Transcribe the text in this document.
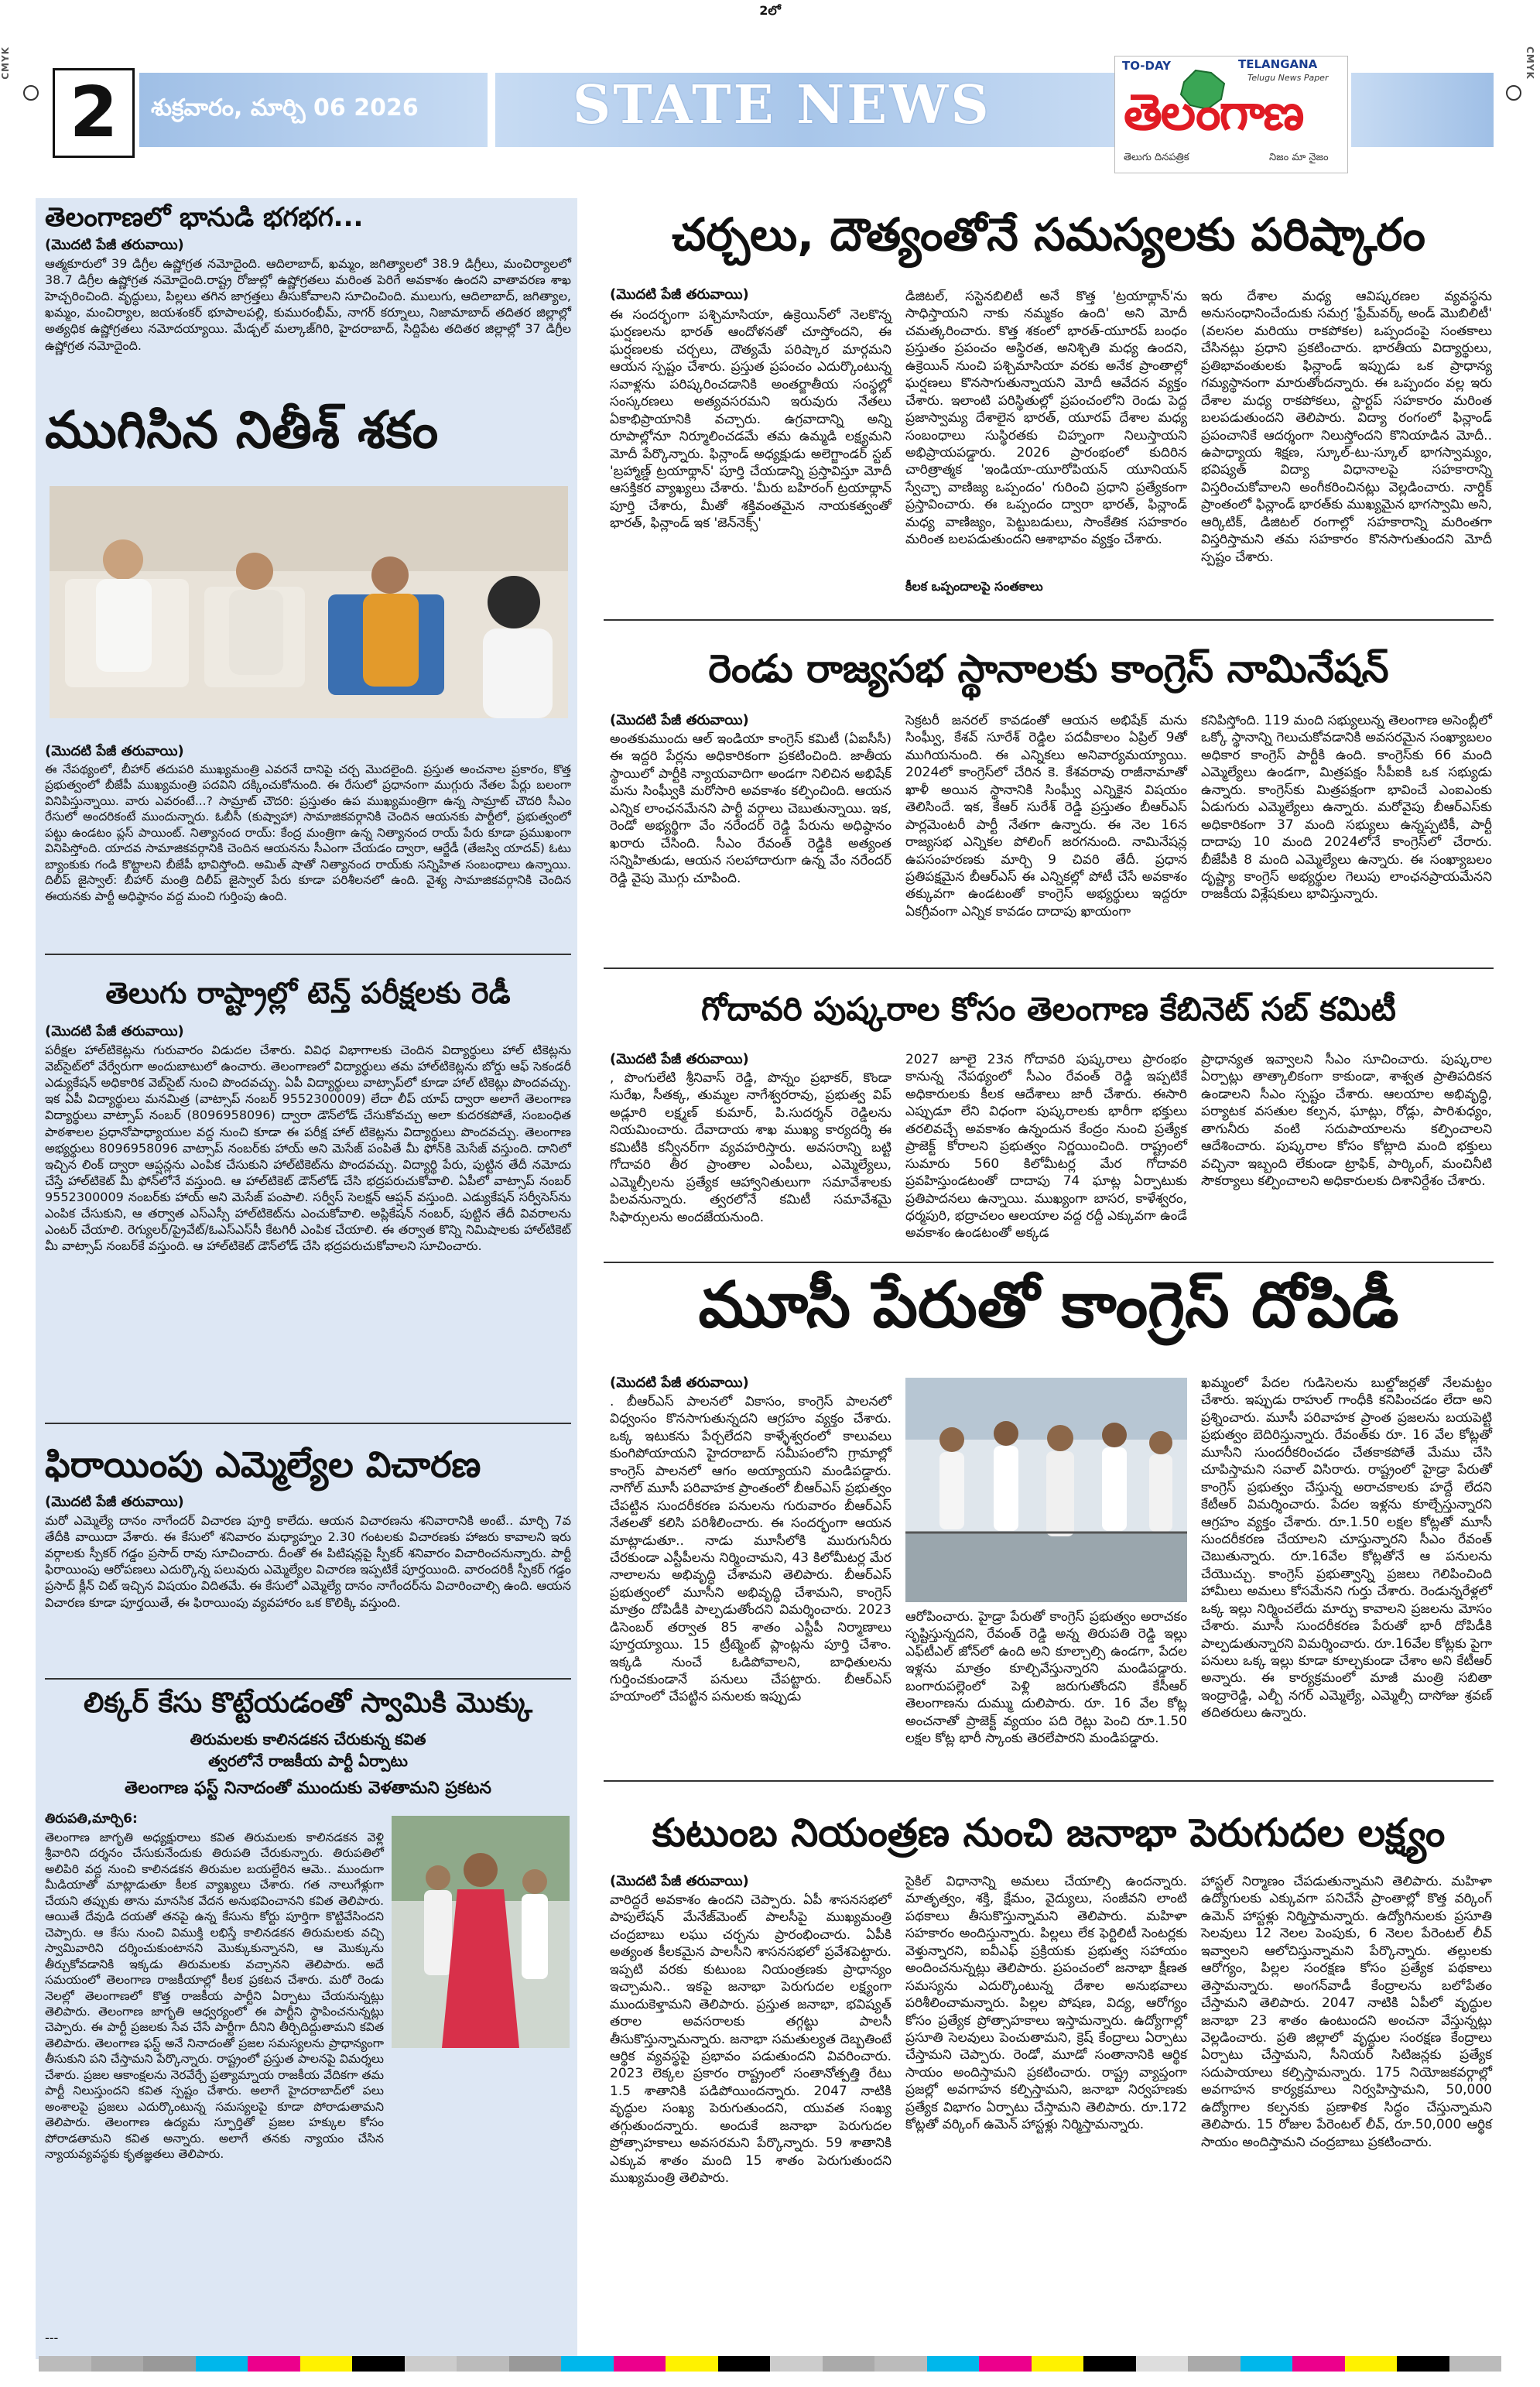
2లో
CMYK	CMYK
2	శుక్రవారం, మార్చి 06 2026	STATE NEWS
TO-DAY	TELANGANA
Telugu News Paper
తెలంగాణ
తెలుగు దినపత్రిక	నిజం మా నైజం
తెలంగాణలో భానుడి భగభగ...
(మొదటి పేజీ తరువాయి)
ఆత్మకూరులో 39 డిగ్రీల ఉష్ణోగ్రత నమోదైంది. ఆదిలాబాద్, ఖమ్మం, జగిత్యాలలో 38.9 డిగ్రీలు, మంచిర్యాలలో 38.7 డిగ్రీల ఉష్ణోగ్రత నమోదైంది.రాష్ట్ర రోజుల్లో ఉష్ణోగ్రతలు మరింత పెరిగే అవకాశం ఉందని వాతావరణ శాఖ హెచ్చరించింది. వృద్ధులు, పిల్లలు తగిన జాగ్రత్తలు తీసుకోవాలని సూచించింది. ములుగు, ఆదిలాబాద్, జగిత్యాల, ఖమ్మం, మంచిర్యాల, జయశంకర్ భూపాలపల్లి, కుమురంభీమ్, నాగర్ కర్నూలు, నిజామాబాద్ తదితర జిల్లాల్లో అత్యధిక ఉష్ణోగ్రతలు నమోదయ్యాయి. మేడ్చల్ మల్కాజ్‌గిరి, హైదరాబాద్, సిద్దిపేట తదితర జిల్లాల్లో 37 డిగ్రీల ఉష్ణోగ్రత నమోదైంది.
ముగిసిన నితీశ్ శకం
(మొదటి పేజీ తరువాయి)
ఈ నేపథ్యంలో, బీహార్ తదుపరి ముఖ్యమంత్రి ఎవరనే దానిపై చర్చ మొదలైంది. ప్రస్తుత అంచనాల ప్రకారం, కొత్త ప్రభుత్వంలో బీజేపీ ముఖ్యమంత్రి పదవిని దక్కించుకోనుంది. ఈ రేసులో ప్రధానంగా ముగ్గురు నేతల పేర్లు బలంగా వినిపిస్తున్నాయి. వారు ఎవరంటే...? సామ్రాట్ చౌదరి: ప్రస్తుతం ఉప ముఖ్యమంత్రిగా ఉన్న సామ్రాట్ చౌదరి సీఎం రేసులో అందరికంటే ముందున్నారు. ఓబీసీ (కుష్వాహా) సామాజికవర్గానికి చెందిన ఆయనకు పార్టీలో, ప్రభుత్వంలో పట్టు ఉండటం ప్లస్ పాయింట్. నిత్యానంద రాయ్: కేంద్ర మంత్రిగా ఉన్న నిత్యానంద రాయ్ పేరు కూడా ప్రముఖంగా వినిపిస్తోంది. యాదవ సామాజికవర్గానికి చెందిన ఆయనను సీఎంగా చేయడం ద్వారా, ఆర్జేడీ (తేజస్వి యాదవ్) ఓటు బ్యాంకుకు గండి కొట్టాలని బీజేపీ భావిస్తోంది. అమిత్ షాతో నిత్యానంద రాయ్‌కు సన్నిహిత సంబంధాలు ఉన్నాయి. దిలీప్ జైస్వాల్: బీహార్ మంత్రి దిలీప్ జైస్వాల్ పేరు కూడా పరిశీలనలో ఉంది. వైశ్య సామాజికవర్గానికి చెందిన ఈయనకు పార్టీ అధిష్ఠానం వద్ద మంచి గుర్తింపు ఉంది.
తెలుగు రాష్ట్రాల్లో టెన్త్ పరీక్షలకు రెడీ
(మొదటి పేజీ తరువాయి)
పరీక్షల హాల్‌టికెట్లను గురువారం విడుదల చేశారు. వివిధ విభాగాలకు చెందిన విద్యార్థులు హాల్ టికెట్లను వెబ్‌సైట్‌లో వేర్వేరుగా అందుబాటులో ఉంచారు. తెలంగాణలో విద్యార్థులు తమ హాల్‌టికెట్లను బోర్డు ఆఫ్ సెకండరీ ఎడ్యుకేషన్ అధికారిక వెబ్‌సైట్ నుంచి పొందవచ్చు. ఏపీ విద్యార్థులు వాట్సాప్‌లో కూడా హాల్ టికెట్లు పొందవచ్చు. ఇక ఏపీ విద్యార్థులు మనమిత్ర (వాట్సాప్ నంబర్ 9552300009) లేదా లీప్ యాప్ ద్వారా అలాగే తెలంగాణ విద్యార్థులు వాట్సాప్ నంబర్ (8096958096) ద్వారా డౌన్‌లోడ్ చేసుకోవచ్చు అలా కుదరకపోతే, సంబంధిత పాఠశాలల ప్రధానోపాధ్యాయుల వద్ద నుంచి కూడా ఈ పరీక్ష హాల్ టికెట్లను విద్యార్థులు పొందవచ్చు. తెలంగాణ అభ్యర్థులు 8096958096 వాట్సాప్ నంబర్‌కు హాయ్ అని మెసేజ్ పంపితే మీ ఫోన్‌కి మెసేజ్ వస్తుంది. దానిలో ఇచ్చిన లింక్ ద్వారా ఆప్షన్లను ఎంపిక చేసుకుని హాల్‌టికెట్‌ను పొందవచ్చు. విద్యార్థి పేరు, పుట్టిన తేదీ నమోదు చేస్తే హాల్‌టికెట్ మీ ఫోన్‌లోనే వస్తుంది. ఆ హాల్‌టికెట్ డౌన్‌లోడ్ చేసి భద్రపరుచుకోవాలి. ఏపీలో వాట్సాప్ నంబర్ 9552300009 నంబర్‌కు హాయ్ అని మెసేజ్ పంపాలి. సర్వీస్ సెలక్షన్ ఆప్షన్ వస్తుంది. ఎడ్యుకేషన్ సర్వీసెస్‌ను ఎంపిక చేసుకుని, ఆ తర్వాత ఎస్ఎస్సీ హాల్‌టికెట్‌ను ఎంచుకోవాలి. అప్లికేషన్ నంబర్, పుట్టిన తేదీ వివరాలను ఎంటర్ చేయాలి. రెగ్యులర్/ప్రైవేట్/ఓఎస్ఎస్‌సీ కేటగిరీ ఎంపిక చేయాలి. ఈ తర్వాత కొన్ని నిమిషాలకు హాల్‌టికెట్ మీ వాట్సాప్ నంబర్‌కే వస్తుంది. ఆ హాల్‌టికెట్ డౌన్‌లోడ్ చేసి భద్రపరుచుకోవాలని సూచించారు.
ఫిరాయింపు ఎమ్మెల్యేల విచారణ
(మొదటి పేజీ తరువాయి)
మరో ఎమ్మెల్యే దానం నాగేందర్ విచారణ పూర్తి కాలేదు. ఆయన విచారణను శనివారానికి అంటే.. మార్చి 7వ తేదీకి వాయిదా వేశారు. ఈ కేసులో శనివారం మధ్యాహ్నం 2.30 గంటలకు విచారణకు హాజరు కావాలని ఇరు వర్గాలకు స్పీకర్ గడ్డం ప్రసాద్ రావు సూచించారు. దీంతో ఈ పిటిషన్లపై స్పీకర్ శనివారం విచారించనున్నారు. పార్టీ ఫిరాయింపు ఆరోపణలు ఎదుర్కొన్న పలువురు ఎమ్మెల్యేల విచారణ ఇప్పటికే పూర్తయింది. వారందరికీ స్పీకర్ గడ్డం ప్రసాద్ క్లీన్ చిట్ ఇచ్చిన విషయం విదితమే. ఈ కేసులో ఎమ్మెల్యే దానం నాగేందర్‌ను విచారించాల్సి ఉంది. ఆయన విచారణ కూడా పూర్తయితే, ఈ ఫిరాయింపు వ్యవహారం ఒక కొలిక్కి వస్తుంది.
లిక్కర్ కేసు కొట్టేయడంతో స్వామికి మొక్కు
తిరుమలకు కాలినడకన చేరుకున్న కవిత
త్వరలోనే రాజకీయ పార్టీ ఏర్పాటు
తెలంగాణ ఫస్ట్ నినాదంతో ముందుకు వెళతామని ప్రకటన
తిరుపతి,మార్చి6:
తెలంగాణ జాగృతి అధ్యక్షురాలు కవిత తిరుమలకు కాలినడకన వెళ్లి శ్రీవారిని దర్శనం చేసుకునేందుకు తిరుపతి చేరుకున్నారు. తిరుపతిలో అలిపిరి వద్ద నుంచి కాలినడకన తిరుమల బయల్దేరిన ఆమె.. ముందుగా మీడియాతో మాట్లాడుతూ కీలక వ్యాఖ్యలు చేశారు. గత నాలుగేళ్లుగా చేయని తప్పుకు తాను మానసిక వేదన అనుభవించానని కవిత తెలిపారు. ఆయితే దేవుడి దయతో తనపై ఉన్న కేసును కోర్టు పూర్తిగా కొట్టివేసిందని చెప్పారు. ఆ కేసు నుంచి విముక్తి లభిస్తే కాలినడకన తిరుమలకు వచ్చి స్వామివారిని దర్శించుకుంటానని మొక్కుకున్నానని, ఆ మొక్కును తీర్చుకోవడానికి ఇక్కడు తిరుమలకు వచ్చానని తెలిపారు. అదే సమయంలో తెలంగాణ రాజకీయాల్లో కీలక ప్రకటన చేశారు. మరో రెండు నెలల్లో తెలంగాణలో కొత్త రాజకీయ పార్టీని ఏర్పాటు చేయనున్నట్లు తెలిపారు. తెలంగాణ జాగృతి ఆధ్వర్యంలో ఈ పార్టీని స్థాపించనున్నట్లు చెప్పారు. ఈ పార్టీ ప్రజలకు సేవ చేసే పార్టీగా దీనిని తీర్చిదిద్దుతామని కవిత తెలిపారు. తెలంగాణ ఫస్ట్ అనే నినాదంతో ప్రజల సమస్యలను ప్రాధాన్యంగా తీసుకుని పని చేస్తామని పేర్కొన్నారు. రాష్ట్రంలో ప్రస్తుత పాలనపై విమర్శలు చేశారు. ప్రజల ఆకాంక్షలను నెరవేర్చే ప్రత్యామ్నాయ రాజకీయ వేదికగా తమ పార్టీ నిలుస్తుందని కవిత స్పష్టం చేశారు. అలాగే హైదరాబాద్‌లో పలు అంశాలపై ప్రజలు ఎదుర్కొంటున్న సమస్యలపై కూడా పోరాడుతామని తెలిపారు. తెలంగాణ ఉద్యమ స్ఫూర్తితో ప్రజల హక్కుల కోసం పోరాడతామని కవిత అన్నారు. అలాగే తనకు న్యాయం చేసిన న్యాయవ్యవస్థకు కృతజ్ఞతలు తెలిపారు.
---
చర్చలు, దౌత్యంతోనే సమస్యలకు పరిష్కారం
(మొదటి పేజీ తరువాయి)
ఈ సందర్భంగా పశ్చిమాసియా, ఉక్రెయిన్‌లో నెలకొన్న ఘర్షణలను భారత్ ఆందోళనతో చూస్తోందని, ఈ ఘర్షణలకు చర్చలు, దౌత్యమే పరిష్కార మార్గమని ఆయన స్పష్టం చేశారు. ప్రస్తుత ప్రపంచం ఎదుర్కొంటున్న సవాళ్లను పరిష్కరించడానికి అంతర్జాతీయ సంస్థల్లో సంస్కరణలు అత్యవసరమని ఇరువురు నేతలు ఏకాభిప్రాయానికి వచ్చారు. ఉగ్రవాదాన్ని అన్ని రూపాల్లోనూ నిర్మూలించడమే తమ ఉమ్మడి లక్ష్యమని మోదీ పేర్కొన్నారు. ఫిన్లాండ్ అధ్యక్షుడు అలెగ్జాండర్ స్టబ్ 'బ్రహ్మాణ్డ్ ట్రయాథ్లాన్' పూర్తి చేయడాన్ని ప్రస్తావిస్తూ మోదీ ఆసక్తికర వ్యాఖ్యలు చేశారు. 'మీరు బహిరంగ్ ట్రయాథ్లాన్ పూర్తి చేశారు, మీతో శక్తివంతమైన నాయకత్వంతో భారత్, ఫిన్లాండ్ ఇక 'జెన్‌నెక్స్'
డిజిటల్, సస్టెనబిలిటీ అనే కొత్త 'ట్రయాథ్లాన్'ను సాధిస్తాయని నాకు నమ్మకం ఉంది' అని మోదీ చమత్కరించారు. కొత్త శకంలో భారత్-యూరప్ బంధం ప్రస్తుతం ప్రపంచం అస్థిరత, అనిశ్చితి మధ్య ఉందని, ఉక్రెయిన్ నుంచి పశ్చిమాసియా వరకు అనేక ప్రాంతాల్లో ఘర్షణలు కొనసాగుతున్నాయని మోదీ ఆవేదన వ్యక్తం చేశారు. ఇలాంటి పరిస్థితుల్లో ప్రపంచంలోని రెండు పెద్ద ప్రజాస్వామ్య దేశాలైన భారత్, యూరప్ దేశాల మధ్య సంబంధాలు సుస్థిరతకు చిహ్నంగా నిలుస్తాయని అభిప్రాయపడ్డారు. 2026 ప్రారంభంలో కుదిరిన చారిత్రాత్మక 'ఇండియా-యూరోపియన్ యూనియన్ స్వేచ్ఛా వాణిజ్య ఒప్పందం' గురించి ప్రధాని ప్రత్యేకంగా ప్రస్తావించారు. ఈ ఒప్పందం ద్వారా భారత్, ఫిన్లాండ్ మధ్య వాణిజ్యం, పెట్టుబడులు, సాంకేతిక సహకారం మరింత బలపడుతుందని ఆశాభావం వ్యక్తం చేశారు.
కీలక ఒప్పందాలపై సంతకాలు
ఇరు దేశాల మధ్య ఆవిష్కరణల వ్యవస్థను అనుసంధానించేందుకు సమగ్ర 'ఫ్రేమ్‌వర్క్ అండ్ మొబిలిటీ' (వలసల మరియు రాకపోకల) ఒప్పందంపై సంతకాలు చేసినట్లు ప్రధాని ప్రకటించారు. భారతీయ విద్యార్థులు, ప్రతిభావంతులకు ఫిన్లాండ్ ఇప్పుడు ఒక ప్రాధాన్య గమ్యస్థానంగా మారుతోందన్నారు. ఈ ఒప్పందం వల్ల ఇరు దేశాల మధ్య రాకపోకలు, స్టార్టప్ సహకారం మరింత బలపడుతుందని తెలిపారు. విద్యా రంగంలో ఫిన్లాండ్ ప్రపంచానికే ఆదర్శంగా నిలుస్తోందని కొనియాడిన మోదీ.. ఉపాధ్యాయ శిక్షణ, స్కూల్-టు-స్కూల్ భాగస్వామ్యం, భవిష్యత్ విద్యా విధానాలపై సహకారాన్ని విస్తరించుకోవాలని అంగీకరించినట్లు వెల్లడించారు. నార్డిక్ ప్రాంతంలో ఫిన్లాండ్ భారత్‌కు ముఖ్యమైన భాగస్వామి అని, ఆర్కిటిక్, డిజిటల్ రంగాల్లో సహకారాన్ని మరింతగా విస్తరిస్తామని తమ సహకారం కొనసాగుతుందని మోదీ స్పష్టం చేశారు.
రెండు రాజ్యసభ స్థానాలకు కాంగ్రెస్ నామినేషన్
(మొదటి పేజీ తరువాయి)
అంతకుముందు ఆల్ ఇండియా కాంగ్రెస్ కమిటీ (ఏఐసీసీ) ఈ ఇద్దరి పేర్లను అధికారికంగా ప్రకటించింది. జాతీయ స్థాయిలో పార్టీకి న్యాయవాదిగా అండగా నిలిచిన అభిషేక్ మను సింఘ్వీకి మరోసారి అవకాశం కల్పించింది. ఆయన ఎన్నిక లాంఛనమేనని పార్టీ వర్గాలు చెబుతున్నాయి. ఇక, రెండో అభ్యర్థిగా వేం నరేందర్ రెడ్డి పేరును అధిష్ఠానం ఖరారు చేసింది. సీఎం రేవంత్ రెడ్డికి అత్యంత సన్నిహితుడు, ఆయన సలహాదారుగా ఉన్న వేం నరేందర్ రెడ్డి వైపు మొగ్గు చూపింది.
సెక్రటరీ జనరల్ కావడంతో ఆయన అభిషేక్ మను సింఘ్వీ, కేశవ్ సూరేశ్ రెడ్డిల పదవీకాలం ఏప్రిల్ 9తో ముగియనుంది. ఈ ఎన్నికలు అనివార్యమయ్యాయి. 2024లో కాంగ్రెస్‌లో చేరిన కె. కేశవరావు రాజీనామాతో ఖాళీ అయిన స్థానానికి సింఘ్వీ ఎన్నికైన విషయం తెలిసిందే. ఇక, కేఆర్ సురేశ్ రెడ్డి ప్రస్తుతం బీఆర్ఎస్ పార్లమెంటరీ పార్టీ నేతగా ఉన్నారు. ఈ నెల 16న రాజ్యసభ ఎన్నికల పోలింగ్ జరగనుంది. నామినేషన్ల ఉపసంహరణకు మార్చి 9 చివరి తేదీ. ప్రధాన ప్రతిపక్షమైన బీఆర్ఎస్ ఈ ఎన్నికల్లో పోటీ చేసే అవకాశం తక్కువగా ఉండటంతో కాంగ్రెస్ అభ్యర్థులు ఇద్దరూ ఏకగ్రీవంగా ఎన్నిక కావడం దాదాపు ఖాయంగా
కనిపిస్తోంది. 119 మంది సభ్యులున్న తెలంగాణ అసెంబ్లీలో ఒక్కో స్థానాన్ని గెలుచుకోవడానికి అవసరమైన సంఖ్యాబలం అధికార కాంగ్రెస్ పార్టీకి ఉంది. కాంగ్రెస్‌కు 66 మంది ఎమ్మెల్యేలు ఉండగా, మిత్రపక్షం సీపీఐకి ఒక సభ్యుడు ఉన్నారు. కాంగ్రెస్‌కు మిత్రపక్షంగా భావించే ఎంఐఎంకు ఏడుగురు ఎమ్మెల్యేలు ఉన్నారు. మరోవైపు బీఆర్ఎస్‌కు అధికారికంగా 37 మంది సభ్యులు ఉన్నప్పటికీ, పార్టీ దాదాపు 10 మంది 2024లోనే కాంగ్రెస్‌లో చేరారు. బీజేపీకి 8 మంది ఎమ్మెల్యేలు ఉన్నారు. ఈ సంఖ్యాబలం దృష్ట్యా కాంగ్రెస్ అభ్యర్థుల గెలుపు లాంఛనప్రాయమేనని రాజకీయ విశ్లేషకులు భావిస్తున్నారు.
గోదావరి పుష్కరాల కోసం తెలంగాణ కేబినెట్ సబ్ కమిటీ
(మొదటి పేజీ తరువాయి)
, పొంగులేటి శ్రీనివాస్ రెడ్డి, పొన్నం ప్రభాకర్, కొండా సురేఖ, సీతక్క, తుమ్మల నాగేశ్వరరావు, ప్రభుత్వ విప్ అడ్లూరి లక్ష్మణ్ కుమార్, పి.సుదర్శన్ రెడ్డిలను నియమించారు. దేవాదాయ శాఖ ముఖ్య కార్యదర్శి ఈ కమిటీకి కన్వీనర్‌గా వ్యవహరిస్తారు. అవసరాన్ని బట్టి గోదావరి తీర ప్రాంతాల ఎంపీలు, ఎమ్మెల్యేలు, ఎమ్మెల్సీలను ప్రత్యేక ఆహ్వానితులుగా సమావేశాలకు పిలవనున్నారు. త్వరలోనే కమిటీ సమావేశమై సిఫార్సులను అందజేయనుంది.
2027 జూలై 23న గోదావరి పుష్కరాలు ప్రారంభం కానున్న నేపథ్యంలో సీఎం రేవంత్ రెడ్డి ఇప్పటికే అధికారులకు కీలక ఆదేశాలు జారీ చేశారు. ఈసారి ఎప్పుడూ లేని విధంగా పుష్కరాలకు భారీగా భక్తులు తరలివచ్చే అవకాశం ఉన్నందున కేంద్రం నుంచి ప్రత్యేక ప్రాజెక్ట్ కోరాలని ప్రభుత్వం నిర్ణయించింది. రాష్ట్రంలో సుమారు 560 కిలోమీటర్ల మేర గోదావరి ప్రవహిస్తుండటంతో దాదాపు 74 ఘాట్ల ఏర్పాటుకు ప్రతిపాదనలు ఉన్నాయి. ముఖ్యంగా బాసర, కాళేశ్వరం, ధర్మపురి, భద్రాచలం ఆలయాల వద్ద రద్దీ ఎక్కువగా ఉండే అవకాశం ఉండటంతో అక్కడ
ప్రాధాన్యత ఇవ్వాలని సీఎం సూచించారు. పుష్కరాల ఏర్పాట్లు తాత్కాలికంగా కాకుండా, శాశ్వత ప్రాతిపదికన ఉండాలని సీఎం స్పష్టం చేశారు. ఆలయాల అభివృద్ధి, పర్యాటక వసతుల కల్పన, ఘాట్లు, రోడ్లు, పారిశుధ్యం, తాగునీరు వంటి సదుపాయాలను కల్పించాలని ఆదేశించారు. పుష్కరాల కోసం కోట్లాది మంది భక్తులు వచ్చినా ఇబ్బంది లేకుండా ట్రాఫిక్, పార్కింగ్, మంచినీటి సౌకర్యాలు కల్పించాలని అధికారులకు దిశానిర్దేశం చేశారు.
మూసీ పేరుతో కాంగ్రెస్ దోపిడీ
(మొదటి పేజీ తరువాయి)
. బీఆర్ఎస్ పాలనలో వికాసం, కాంగ్రెస్ పాలనలో విధ్వంసం కొనసాగుతున్నదని ఆగ్రహం వ్యక్తం చేశారు. ఒక్క ఇటుకను పేర్చలేదని కాళ్ళేశ్వరంలో కాలువలు కుంగిపోయాయని హైదరాబాద్ సమీపంలోని గ్రామాల్లో కాంగ్రెస్ పాలనలో ఆగం అయ్యాయని మండిపడ్డారు. నాగోల్ మూసీ పరివాహక ప్రాంతంలో బీఆర్ఎస్ ప్రభుత్వం చేపట్టిన సుందరీకరణ పనులను గురువారం బీఆర్ఎస్ నేతలతో కలిసి పరిశీలించారు. ఈ సందర్భంగా ఆయన మాట్లాడుతూ.. నాడు మూసీలోకి మురుగునీరు చేరకుండా ఎస్టీపీలను నిర్మించామని, 43 కిలోమీటర్ల మేర నాలాలను అభివృద్ధి చేశామని తెలిపారు. బీఆర్ఎస్ ప్రభుత్వంలో మూసీని అభివృద్ధి చేశామని, కాంగ్రెస్ మాత్రం దోపిడీకి పాల్పడుతోందని విమర్శించారు. 2023 డిసెంబర్ తర్వాత 85 శాతం ఎస్టీపీ నిర్మాణాలు పూర్తయ్యాయి. 15 ట్రీట్మెంట్ ప్లాంట్లను పూర్తి చేశాం. ఇక్కడి నుంచే ఓడిపోవాలని, బాధితులను గుర్తించకుండానే పనులు చేపట్టారు. బీఆర్ఎస్ హయాంలో చేపట్టిన పనులకు ఇప్పుడు
ఆరోపించారు. హైడ్రా పేరుతో కాంగ్రెస్ ప్రభుత్వం అరాచకం సృష్టిస్తున్నదని, రేవంత్ రెడ్డి అన్న తిరుపతి రెడ్డి ఇల్లు ఎఫ్‌టీఎల్ జోన్‌లో ఉంది అని కూల్చాల్సి ఉండగా, పేదల ఇళ్లను మాత్రం కూల్చివేస్తున్నారని మండిపడ్డారు. బంగారుపల్లెంలో పెళ్లి జరుగుతోందని కేసీఆర్ తెలంగాణను దుమ్ము దులిపారు. రూ. 16 వేల కోట్ల అంచనాతో ప్రాజెక్ట్ వ్యయం పది రెట్లు పెంచి రూ.1.50 లక్షల కోట్ల భారీ స్కాంకు తెరలేపారని మండిపడ్డారు.
ఖమ్మంలో పేదల గుడిసెలను బుల్డోజర్లతో నేలమట్టం చేశారు. ఇప్పుడు రాహుల్ గాంధీకి కనిపించడం లేదా అని ప్రశ్నించారు. మూసీ పరివాహక ప్రాంత ప్రజలను బయపెట్టి ప్రభుత్వం బెదిరిస్తున్నారు. రేవంత్‌కు రూ. 16 వేల కోట్లతో మూసీని సుందరీకరించడం చేతకాకపోతే మేము చేసి చూపిస్తామని సవాల్ విసిరారు. రాష్ట్రంలో హైడ్రా పేరుతో కాంగ్రెస్ ప్రభుత్వం చేస్తున్న అరాచకాలకు హద్దే లేదని కేటీఆర్ విమర్శించారు. పేదల ఇళ్లను కూల్చేస్తున్నారని ఆగ్రహం వ్యక్తం చేశారు. రూ.1.50 లక్షల కోట్లతో మూసీ సుందరీకరణ చేయాలని చూస్తున్నారని సీఎం రేవంత్ చెబుతున్నారు. రూ.16వేల కోట్లతోనే ఆ పనులను చేయొచ్చు. కాంగ్రెస్ ప్రభుత్వాన్ని ప్రజలు గెలిపించింది హామీలు అమలు కోసమేనని గుర్తు చేశారు. రెండున్నరేళ్లలో ఒక్క ఇల్లు నిర్మించలేదు మార్పు కావాలని ప్రజలను మోసం చేశారు. మూసీ సుందరీకరణ పేరుతో భారీ దోపిడీకి పాల్పడుతున్నారని విమర్శించారు. రూ.16వేల కోట్లకు పైగా పనులు ఒక్క ఇల్లు కూడా కూల్చకుండా చేశాం అని కేటీఆర్ అన్నారు. ఈ కార్యక్రమంలో మాజీ మంత్రి సబితా ఇంద్రారెడ్డి, ఎల్బీ నగర్ ఎమ్మెల్యే, ఎమ్మెల్సీ దాసోజు శ్రవణ్ తదితరులు ఉన్నారు.
కుటుంబ నియంత్రణ నుంచి జనాభా పెరుగుదల లక్ష్యం
(మొదటి పేజీ తరువాయి)
వారిద్దరే అవకాశం ఉందని చెప్పారు. ఏపీ శాసనసభలో పాపులేషన్ మేనేజ్‌మెంట్ పాలసీపై ముఖ్యమంత్రి చంద్రబాబు లఘు చర్చను ప్రారంభించారు. ఏపీకి అత్యంత కీలకమైన పాలసీని శాసనసభలో ప్రవేశపెట్టారు. ఇప్పటి వరకు కుటుంబ నియంత్రణకు ప్రాధాన్యం ఇచ్చామని.. ఇకపై జనాభా పెరుగుదల లక్ష్యంగా ముందుకెళ్తామని తెలిపారు. ప్రస్తుత జనాభా, భవిష్యత్ తరాల అవసరాలకు తగ్గట్టు పాలసీ తీసుకొస్తున్నామన్నారు. జనాభా సమతుల్యత దెబ్బతింటే ఆర్థిక వ్యవస్థపై ప్రభావం పడుతుందని వివరించారు. 2023 లెక్కల ప్రకారం రాష్ట్రంలో సంతానోత్పత్తి రేటు 1.5 శాతానికి పడిపోయిందన్నారు. 2047 నాటికి వృద్ధుల సంఖ్య పెరుగుతుందని, యువత సంఖ్య తగ్గుతుందన్నారు. అందుకే జనాభా పెరుగుదల ప్రోత్సాహకాలు అవసరమని పేర్కొన్నారు. 59 శాతానికి ఎక్కువ శాతం మంది 15 శాతం పెరుగుతుందని ముఖ్యమంత్రి తెలిపారు.
సైకిల్ విధానాన్ని అమలు చేయాల్సి ఉందన్నారు. మాతృత్వం, శక్తి, క్షేమం, వైద్యులు, సంజీవని లాంటి పథకాలు తీసుకొస్తున్నామని తెలిపారు. మహిళా సహకారం అందిస్తున్నారు. పిల్లలు లేక ఫెర్టిలిటీ సెంటర్లకు వెళ్తున్నారని, ఐవీఎఫ్ ప్రక్రియకు ప్రభుత్వ సహాయం అందించనున్నట్లు తెలిపారు. ప్రపంచంలో జనాభా క్షీణత సమస్యను ఎదుర్కొంటున్న దేశాల అనుభవాలు పరిశీలించామన్నారు. పిల్లల పోషణ, విద్య, ఆరోగ్యం కోసం ప్రత్యేక ప్రోత్సాహకాలు ఇస్తామన్నారు. ఉద్యోగాల్లో ప్రసూతి సెలవులు పెంచుతామని, క్రెష్ కేంద్రాలు ఏర్పాటు చేస్తామని చెప్పారు. రెండో, మూడో సంతానానికి ఆర్థిక సాయం అందిస్తామని ప్రకటించారు. రాష్ట్ర వ్యాప్తంగా ప్రజల్లో అవగాహన కల్పిస్తామని, జనాభా నిర్వహణకు ప్రత్యేక విభాగం ఏర్పాటు చేస్తామని తెలిపారు. రూ.172 కోట్లతో వర్కింగ్ ఉమెన్ హాస్టళ్లు నిర్మిస్తామన్నారు.
హాస్టల్ నిర్మాణం చేపడుతున్నామని తెలిపారు. మహిళా ఉద్యోగులకు ఎక్కువగా పనిచేసే ప్రాంతాల్లో కొత్త వర్కింగ్ ఉమెన్ హాస్టళ్లు నిర్మిస్తామన్నారు. ఉద్యోగినులకు ప్రసూతి సెలవులు 12 నెలల పెంపుకు, 6 నెలల పేరెంటల్ లీవ్ ఇవ్వాలని ఆలోచిస్తున్నామని పేర్కొన్నారు. తల్లులకు ఆరోగ్యం, పిల్లల సంరక్షణ కోసం ప్రత్యేక పథకాలు తెస్తామన్నారు. అంగన్‌వాడీ కేంద్రాలను బలోపేతం చేస్తామని తెలిపారు. 2047 నాటికి ఏపీలో వృద్ధుల జనాభా 23 శాతం ఉంటుందని అంచనా వేస్తున్నట్లు వెల్లడించారు. ప్రతి జిల్లాలో వృద్ధుల సంరక్షణ కేంద్రాలు ఏర్పాటు చేస్తామని, సీనియర్ సిటిజన్లకు ప్రత్యేక సదుపాయాలు కల్పిస్తామన్నారు. 175 నియోజకవర్గాల్లో అవగాహన కార్యక్రమాలు నిర్వహిస్తామని, 50,000 ఉద్యోగాల కల్పనకు ప్రణాళిక సిద్ధం చేస్తున్నామని తెలిపారు. 15 రోజుల పేరెంటల్ లీవ్, రూ.50,000 ఆర్థిక సాయం అందిస్తామని చంద్రబాబు ప్రకటించారు.
